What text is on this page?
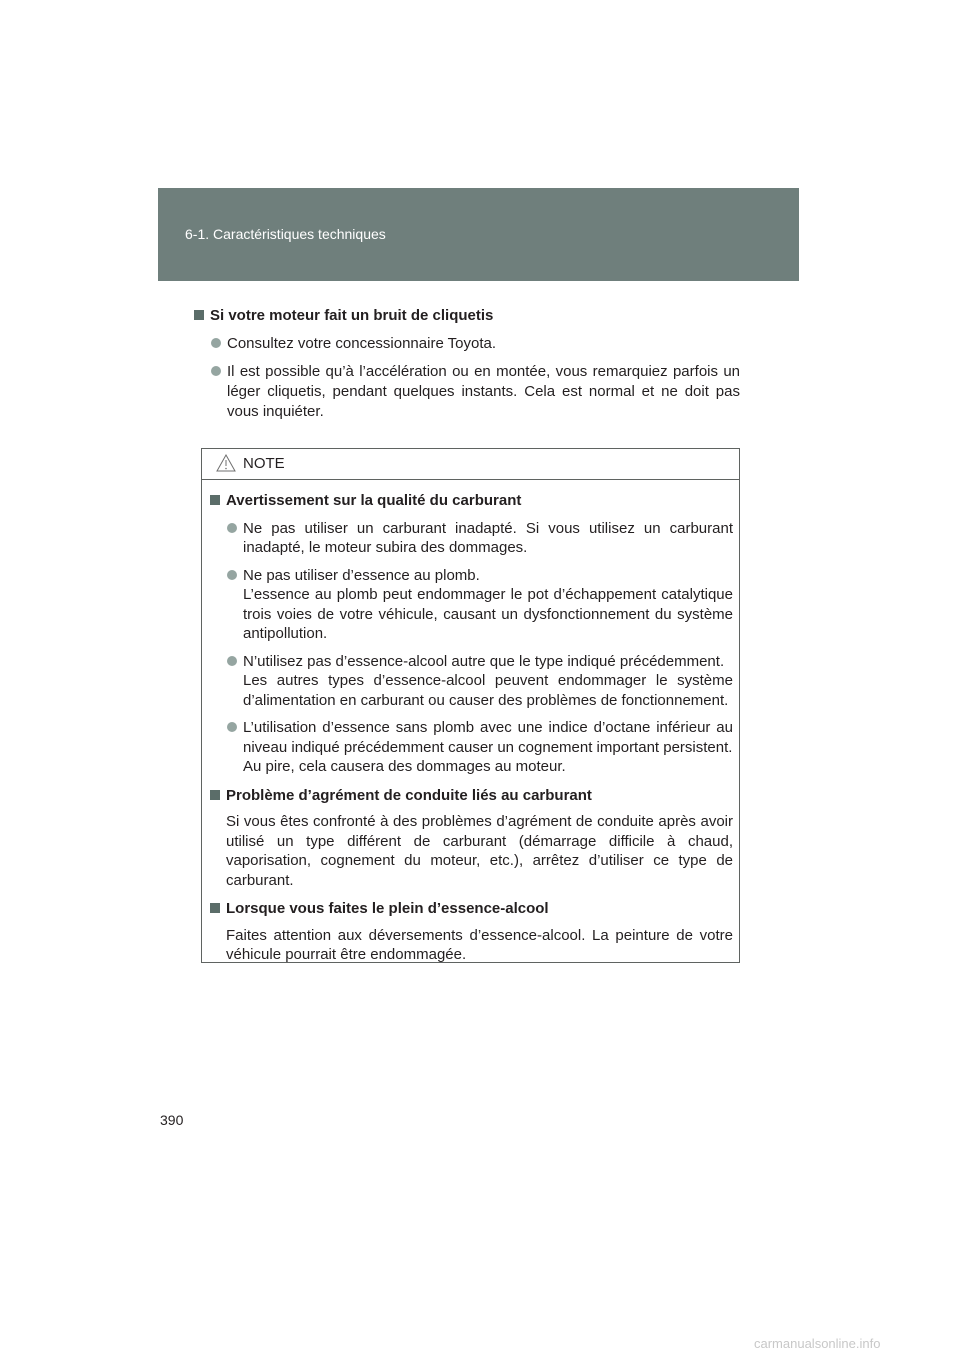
6-1. Caractéristiques techniques
Si votre moteur fait un bruit de cliquetis
Consultez votre concessionnaire Toyota.
Il est possible qu’à l’accélération ou en montée, vous remarquiez parfois un léger cliquetis, pendant quelques instants. Cela est normal et ne doit pas vous inquiéter.
NOTE
Avertissement sur la qualité du carburant
Ne pas utiliser un carburant inadapté. Si vous utilisez un carburant inadapté, le moteur subira des dommages.
Ne pas utiliser d’essence au plomb.
L’essence au plomb peut endommager le pot d’échappement catalytique trois voies de votre véhicule, causant un dysfonctionnement du système antipollution.
N’utilisez pas d’essence-alcool autre que le type indiqué précédemment.
Les autres types d’essence-alcool peuvent endommager le système d’alimentation en carburant ou causer des problèmes de fonctionnement.
L’utilisation d’essence sans plomb avec une indice d’octane inférieur au niveau indiqué précédemment causer un cognement important persistent.
Au pire, cela causera des dommages au moteur.
Problème d’agrément de conduite liés au carburant
Si vous êtes confronté à des problèmes d’agrément de conduite après avoir utilisé un type différent de carburant (démarrage difficile à chaud, vaporisation, cognement du moteur, etc.), arrêtez d’utiliser ce type de carburant.
Lorsque vous faites le plein d’essence-alcool
Faites attention aux déversements d’essence-alcool. La peinture de votre véhicule pourrait être endommagée.
390
carmanualsonline.info
